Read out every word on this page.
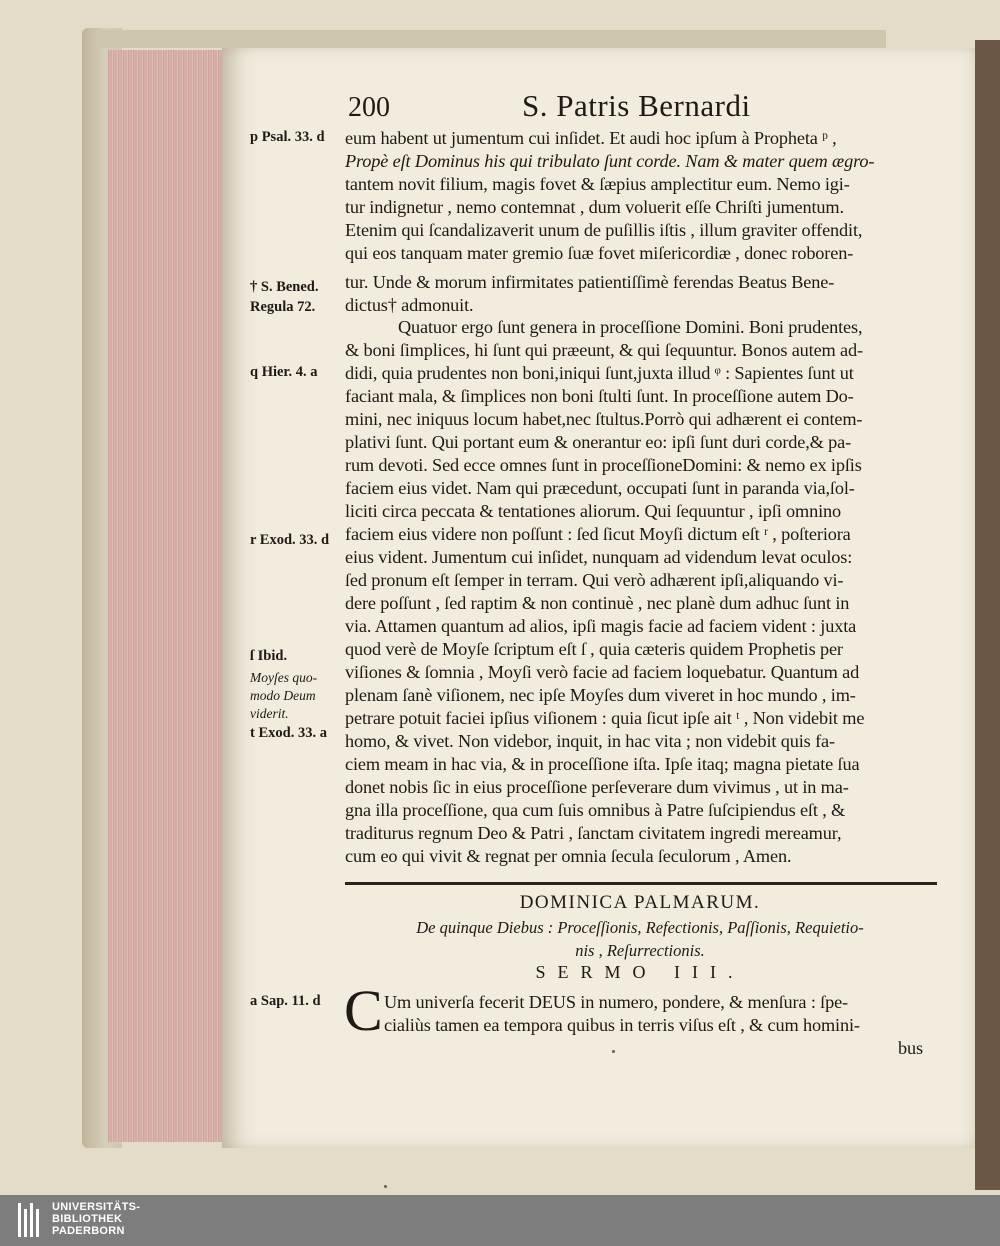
200	S. Patris Bernardi
p Psal. 33. d
† S. Bened.
Regula 72.
q Hier. 4. a
r Exod. 33. d
ſ Ibid.
Moyſes quo-
modo Deum
viderit.
t Exod. 33. a
a Sap. 11. d
eum habent ut jumentum cui inſidet. Et audi hoc ipſum à Propheta ᵖ ,
Propè eſt Dominus his qui tribulato ſunt corde. Nam & mater quem ægro-
tantem novit filium, magis fovet & ſæpius amplectitur eum. Nemo igi-
tur indignetur , nemo contemnat , dum voluerit eſſe Chriſti jumentum.
Etenim qui ſcandalizaverit unum de puſillis iſtis , illum graviter offendit,
qui eos tanquam mater gremio ſuæ fovet miſericordiæ , donec roboren-
tur. Unde & morum infirmitates patientiſſimè ferendas Beatus Bene-
dictus† admonuit.
Quatuor ergo ſunt genera in proceſſione Domini. Boni prudentes,
& boni ſimplices, hi ſunt qui præeunt, & qui ſequuntur. Bonos autem ad-
didi, quia prudentes non boni,iniqui ſunt,juxta illud ᵠ : Sapientes ſunt ut
faciant mala, & ſimplices non boni ſtulti ſunt. In proceſſione autem Do-
mini, nec iniquus locum habet,nec ſtultus.Porrò qui adhærent ei contem-
plativi ſunt. Qui portant eum & onerantur eo: ipſi ſunt duri corde,& pa-
rum devoti. Sed ecce omnes ſunt in proceſſioneDomini: & nemo ex ipſis
faciem eius videt. Nam qui præcedunt, occupati ſunt in paranda via,ſol-
liciti circa peccata & tentationes aliorum. Qui ſequuntur , ipſi omnino
faciem eius videre non poſſunt : ſed ſicut Moyſi dictum eſt ʳ , poſteriora
eius vident. Jumentum cui inſidet, nunquam ad videndum levat oculos:
ſed pronum eſt ſemper in terram. Qui verò adhærent ipſi,aliquando vi-
dere poſſunt , ſed raptim & non continuè , nec planè dum adhuc ſunt in
via. Attamen quantum ad alios, ipſi magis facie ad faciem vident : juxta
quod verè de Moyſe ſcriptum eſt ſ , quia cæteris quidem Prophetis per
viſiones & ſomnia , Moyſi verò facie ad faciem loquebatur. Quantum ad
plenam ſanè viſionem, nec ipſe Moyſes dum viveret in hoc mundo , im-
petrare potuit faciei ipſius viſionem : quia ſicut ipſe ait ᵗ , Non videbit me
homo, & vivet. Non videbor, inquit, in hac vita ; non videbit quis fa-
ciem meam in hac via, & in proceſſione iſta. Ipſe itaq; magna pietate ſua
donet nobis ſic in eius proceſſione perſeverare dum vivimus , ut in ma-
gna illa proceſſione, qua cum ſuis omnibus à Patre ſuſcipiendus eſt , &
traditurus regnum Deo & Patri , ſanctam civitatem ingredi mereamur,
cum eo qui vivit & regnat per omnia ſecula ſeculorum , Amen.
DOMINICA PALMARUM.
De quinque Diebus : Proceſſionis, Refectionis, Paſſionis, Requietio-
nis , Reſurrectionis.
SERMO III.
C Um univerſa fecerit DEUS in numero, pondere, & menſura : ſpe-
cialiùs tamen ea tempora quibus in terris viſus eſt , & cum homini-
bus
UNIVERSITÄTS-
BIBLIOTHEK
PADERBORN
